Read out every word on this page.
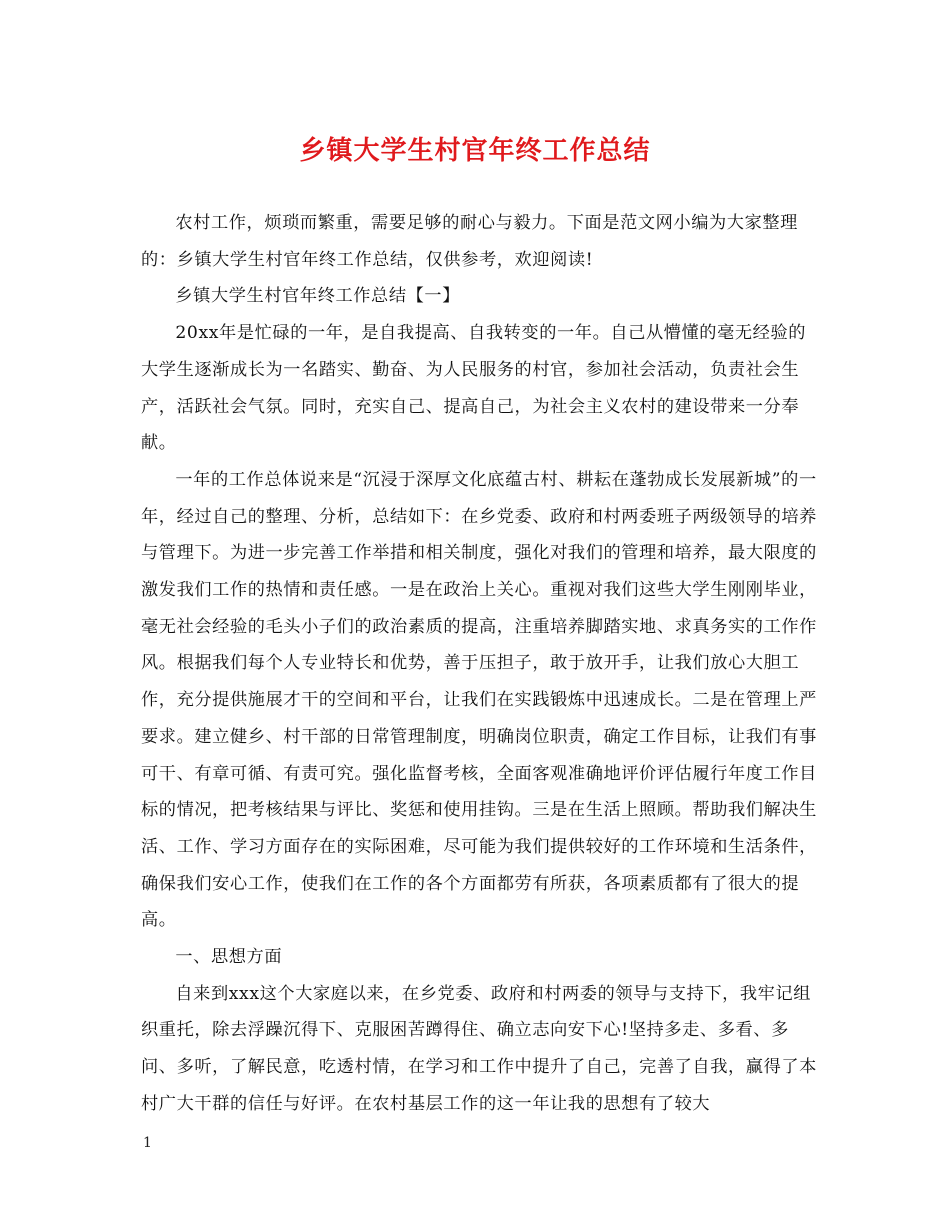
乡镇大学生村官年终工作总结

农村工作，烦琐而繁重，需要足够的耐心与毅力。下面是范文网小编为大家整理的：乡镇大学生村官年终工作总结，仅供参考，欢迎阅读!

乡镇大学生村官年终工作总结【一】

20xx年是忙碌的一年，是自我提高、自我转变的一年。自己从懵懂的毫无经验的大学生逐渐成长为一名踏实、勤奋、为人民服务的村官，参加社会活动，负责社会生产，活跃社会气氛。同时，充实自己、提高自己，为社会主义农村的建设带来一分奉献。

一年的工作总体说来是“沉浸于深厚文化底蕴古村、耕耘在蓬勃成长发展新城”的一年，经过自己的整理、分析，总结如下：在乡党委、政府和村两委班子两级领导的培养与管理下。为进一步完善工作举措和相关制度，强化对我们的管理和培养，最大限度的激发我们工作的热情和责任感。一是在政治上关心。重视对我们这些大学生刚刚毕业，毫无社会经验的毛头小子们的政治素质的提高，注重培养脚踏实地、求真务实的工作作风。根据我们每个人专业特长和优势，善于压担子，敢于放开手，让我们放心大胆工作，充分提供施展才干的空间和平台，让我们在实践锻炼中迅速成长。二是在管理上严要求。建立健乡、村干部的日常管理制度，明确岗位职责，确定工作目标，让我们有事可干、有章可循、有责可究。强化监督考核，全面客观准确地评价评估履行年度工作目标的情况，把考核结果与评比、奖惩和使用挂钩。三是在生活上照顾。帮助我们解决生活、工作、学习方面存在的实际困难，尽可能为我们提供较好的工作环境和生活条件，确保我们安心工作，使我们在工作的各个方面都劳有所获，各项素质都有了很大的提高。

一、思想方面

自来到xxx这个大家庭以来，在乡党委、政府和村两委的领导与支持下，我牢记组织重托，除去浮躁沉得下、克服困苦蹲得住、确立志向安下心!坚持多走、多看、多问、多听，了解民意，吃透村情，在学习和工作中提升了自己，完善了自我，赢得了本村广大干群的信任与好评。在农村基层工作的这一年让我的思想有了较大

1
